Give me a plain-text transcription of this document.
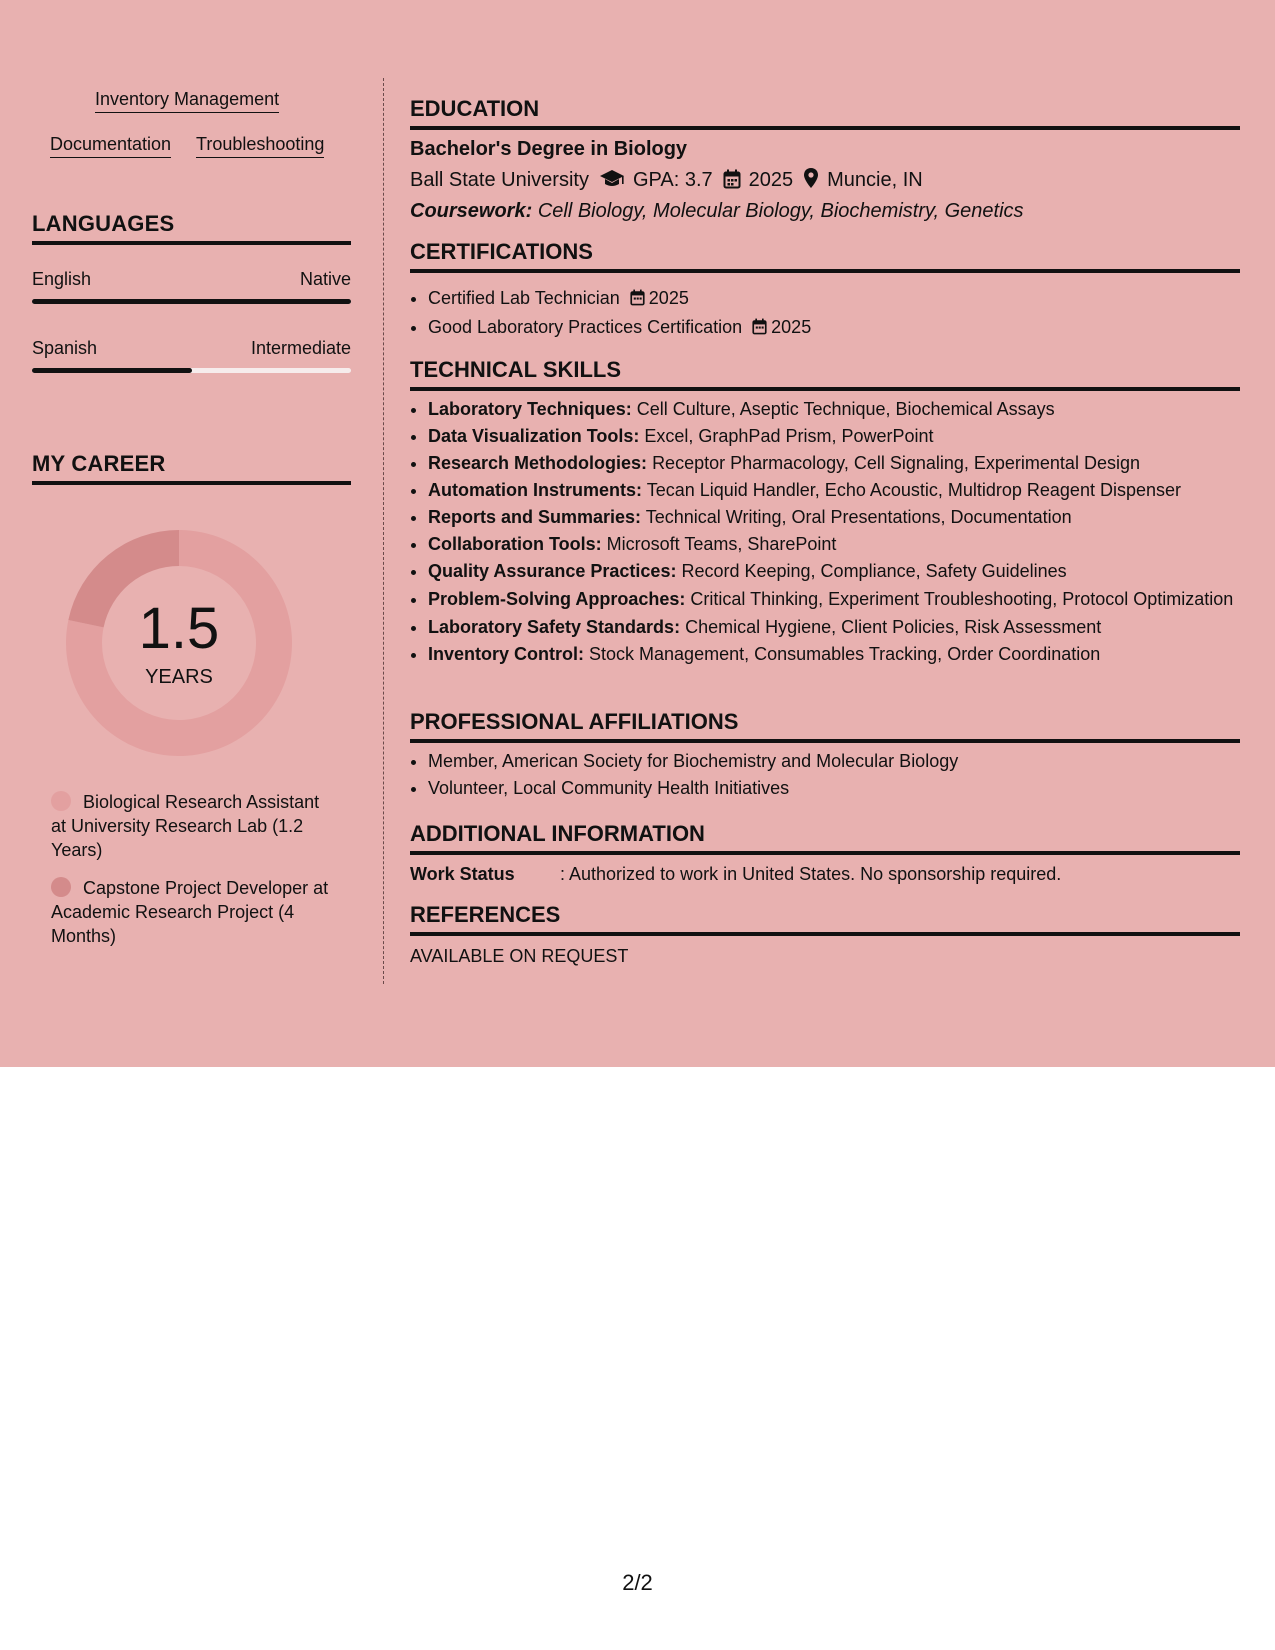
Inventory Management
Documentation Troubleshooting
LANGUAGES
English	Native
Spanish	Intermediate
MY CAREER
1.5
YEARS
Biological Research Assistant at University Research Lab (1.2 Years)
Capstone Project Developer at Academic Research Project (4 Months)
EDUCATION
Bachelor's Degree in Biology
Ball State University GPA: 3.7 2025 Muncie, IN
Coursework: Cell Biology, Molecular Biology, Biochemistry, Genetics
CERTIFICATIONS
• Certified Lab Technician 2025
• Good Laboratory Practices Certification 2025
TECHNICAL SKILLS
• Laboratory Techniques: Cell Culture, Aseptic Technique, Biochemical Assays
• Data Visualization Tools: Excel, GraphPad Prism, PowerPoint
• Research Methodologies: Receptor Pharmacology, Cell Signaling, Experimental Design
• Automation Instruments: Tecan Liquid Handler, Echo Acoustic, Multidrop Reagent Dispenser
• Reports and Summaries: Technical Writing, Oral Presentations, Documentation
• Collaboration Tools: Microsoft Teams, SharePoint
• Quality Assurance Practices: Record Keeping, Compliance, Safety Guidelines
• Problem-Solving Approaches: Critical Thinking, Experiment Troubleshooting, Protocol Optimization
• Laboratory Safety Standards: Chemical Hygiene, Client Policies, Risk Assessment
• Inventory Control: Stock Management, Consumables Tracking, Order Coordination
PROFESSIONAL AFFILIATIONS
• Member, American Society for Biochemistry and Molecular Biology
• Volunteer, Local Community Health Initiatives
ADDITIONAL INFORMATION
Work Status	: Authorized to work in United States. No sponsorship required.
REFERENCES
AVAILABLE ON REQUEST
2/2
